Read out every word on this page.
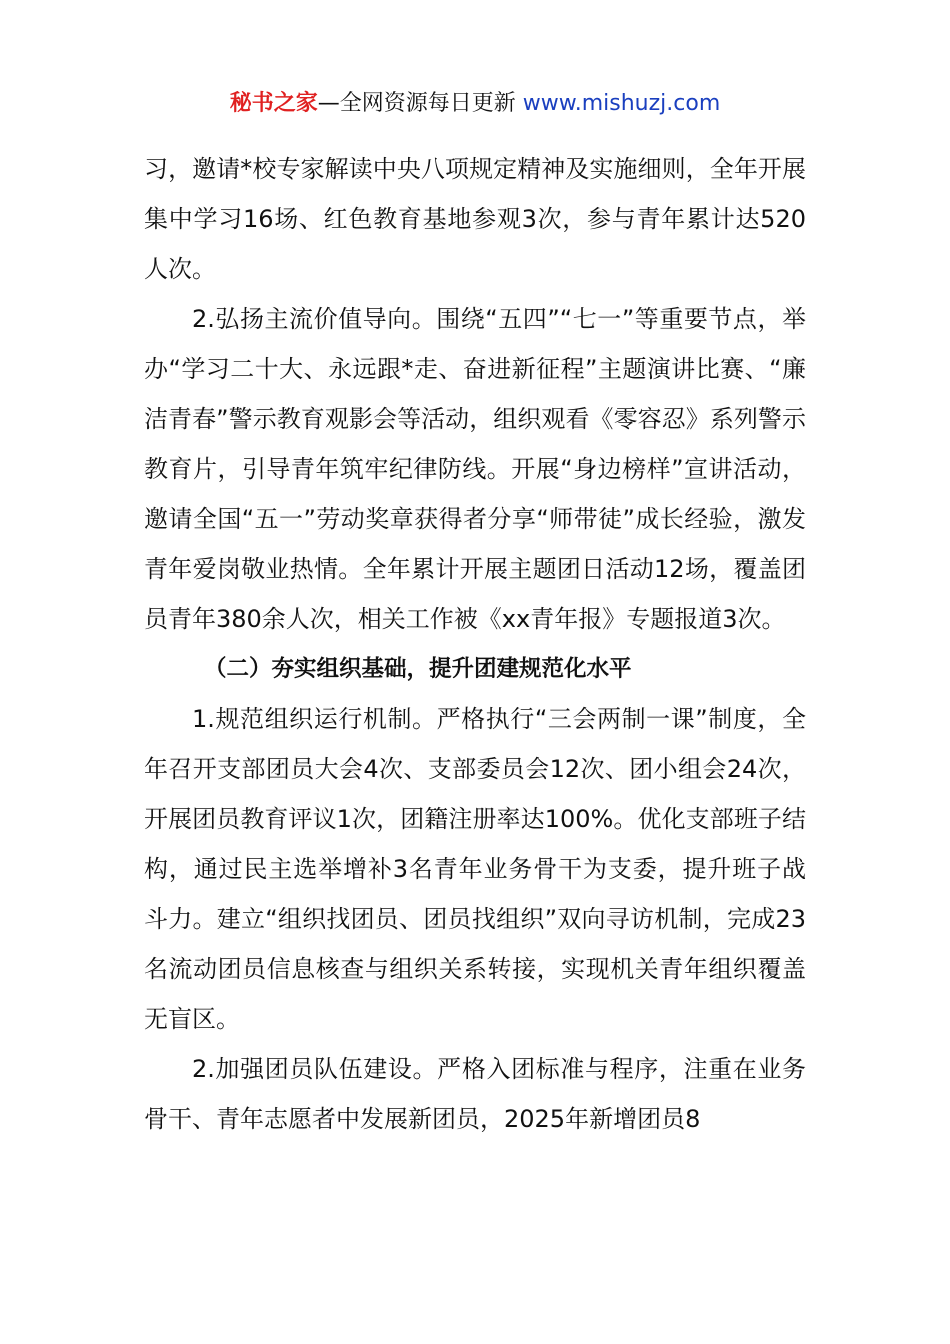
秘书之家—全网资源每日更新 www.mishuzj.com

习，邀请*校专家解读中央八项规定精神及实施细则，全年开展集中学习16场、红色教育基地参观3次，参与青年累计达520人次。

2.弘扬主流价值导向。围绕“五四”“七一”等重要节点，举办“学习二十大、永远跟*走、奋进新征程”主题演讲比赛、“廉洁青春”警示教育观影会等活动，组织观看《零容忍》系列警示教育片，引导青年筑牢纪律防线。开展“身边榜样”宣讲活动，邀请全国“五一”劳动奖章获得者分享“师带徒”成长经验，激发青年爱岗敬业热情。全年累计开展主题团日活动12场，覆盖团员青年380余人次，相关工作被《xx青年报》专题报道3次。

（二）夯实组织基础，提升团建规范化水平

1.规范组织运行机制。严格执行“三会两制一课”制度，全年召开支部团员大会4次、支部委员会12次、团小组会24次，开展团员教育评议1次，团籍注册率达100%。优化支部班子结构，通过民主选举增补3名青年业务骨干为支委，提升班子战斗力。建立“组织找团员、团员找组织”双向寻访机制，完成23名流动团员信息核查与组织关系转接，实现机关青年组织覆盖无盲区。

2.加强团员队伍建设。严格入团标准与程序，注重在业务骨干、青年志愿者中发展新团员，2025年新增团员8
